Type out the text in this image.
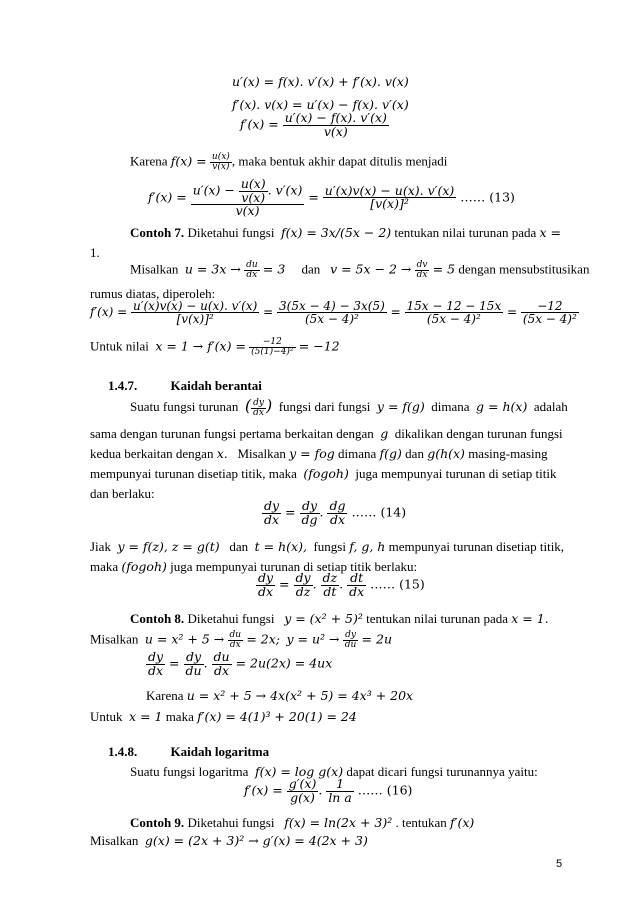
u′(x) = f(x). v′(x) + f′(x). v(x)
f′(x). v(x) = u′(x) − f(x). v′(x)
$f'(x) = \frac{u'(x) - f(x). v'(x)}{v(x)}$
Karena $f(x) = \frac{u(x)}{v(x)}$ , maka bentuk akhir dapat ditulis menjadi
$f'(x) = \frac{u'(x) - \frac{u(x)}{v(x)} . v'(x)}{v(x)} = \frac{u'(x)v(x) - u(x). v'(x)}{\text{[v(x)]²}}$ …… (13)
Contoh 7. Diketahui fungsi f(x) = 3x/(5x − 2) tentukan nilai turunan pada x =
1.
Misalkan $u = 3x \to \frac{du}{dx} = 3$ dan $v = 5x - 2 \to \frac{dv}{dx} = 5$ dengan mensubstitusikan
rumus diatas, diperoleh:
$f'(x) = \frac{u'(x)v(x) - u(x). v'(x)}{\text{[v(x)]²}} = \frac{3(5x - 4) - 3x(5)}{\text{(5x − 4)²}} = \frac{15x - 12 - 15x}{\text{(5x − 4)²}} = \frac{-12}{\text{(5x − 4)²}}$
Untuk nilai $x = 1 \to f'(x) = \frac{-12}{\text{(5(1)−4)²}} = -12$
1.4.7.	Kaidah berantai
Suatu fungsi turunan ( $\frac{dy}{dx}$ ) fungsi dari fungsi y = f(g) dimana g = h(x) adalah
sama dengan turunan fungsi pertama berkaitan dengan g dikalikan dengan turunan fungsi
kedua berkaitan dengan x. Misalkan y = fog dimana f(g) dan g(h(x) masing-masing
mempunyai turunan disetiap titik, maka (fogoh) juga mempunyai turunan di setiap titik
dan berlaku:
$\frac{dy}{dx} = \frac{dy}{dg}$ . $\frac{dg}{dx}$ …… (14)
Jiak y = f(z), z = g(t) dan t = h(x), fungsi f, g, h mempunyai turunan disetiap titik,
maka (fogoh) juga mempunyai turunan di setiap titik berlaku:
$\frac{dy}{dx} = \frac{dy}{dz}$ . $\frac{dz}{dt}$ . $\frac{dt}{dx}$ …… (15)
Contoh 8. Diketahui fungsi y = (x² + 5)² tentukan nilai turunan pada x = 1.
Misalkan $u = x^2 + 5 \to \frac{du}{dx} = 2x$; $y = u^2 \to \frac{dy}{du} = 2u$
$\frac{dy}{dx} = \frac{dy}{du}$ . $\frac{du}{dx} = 2u(2x) = 4ux$
Karena u = x² + 5 → 4x(x² + 5) = 4x³ + 20x
Untuk x = 1 maka f′(x) = 4(1)³ + 20(1) = 24
1.4.8.	Kaidah logaritma
Suatu fungsi logaritma f(x) = log g(x) dapat dicari fungsi turunannya yaitu:
$f'(x) = \frac{g'(x)}{g(x)}$ . $\frac{1}{\text{ln a}}$ …… (16)
Contoh 9. Diketahui fungsi f(x) = ln(2x + 3)² . tentukan f′(x)
Misalkan g(x) = (2x + 3)² → g′(x) = 4(2x + 3)
5
